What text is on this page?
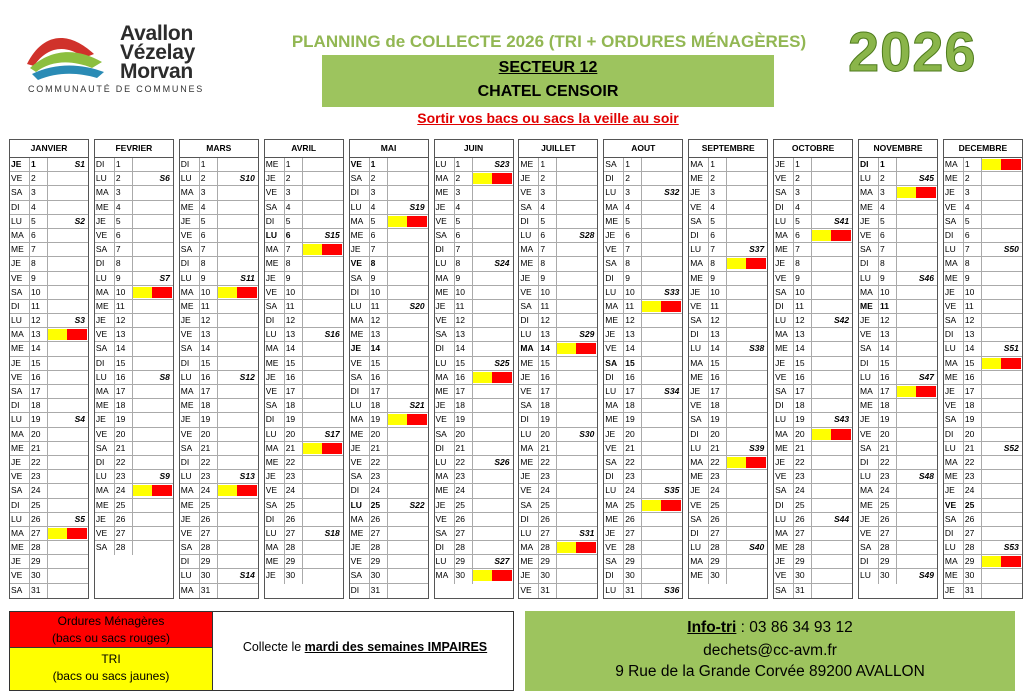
Avallon
Vézelay
Morvan
COMMUNAUTÉ DE COMMUNES
PLANNING de COLLECTE 2026 (TRI + ORDURES MÉNAGÈRES) 2026
SECTEUR 12
CHATEL CENSOIR
Sortir vos bacs ou sacs la veille au soir
JANVIER
JE	1	S1
VE	2
SA	3
DI	4
LU	5	S2
MA 6
ME 7
JE	8
VE	9
SA	10
DI	11
LU	12	S3
MA 13
ME 14
JE	15
VE	16
SA	17
DI	18
LU	19	S4
MA 20
ME 21
JE	22
VE	23
SA	24
DI	25
LU	26	S5
MA 27
ME 28
JE	29
VE	30
SA	31
FEVRIER
DI	1
LU	2	S6
MA 3
ME 4
JE	5
VE	6
SA	7
DI	8
LU	9	S7
MA 10
ME 11
JE	12
VE	13
SA	14
DI	15
LU	16	S8
MA 17
ME 18
JE	19
VE	20
SA	21
DI	22
LU	23	S9
MA 24
ME 25
JE	26
VE	27
SA	28
MARS
DI	1
LU	2	S10
MA 3
ME 4
JE	5
VE	6
SA	7
DI	8
LU	9	S11
MA 10
ME 11
JE	12
VE	13
SA	14
DI	15
LU	16	S12
MA 17
ME 18
JE	19
VE	20
SA	21
DI	22
LU	23	S13
MA 24
ME 25
JE	26
VE	27
SA	28
DI	29
LU	30	S14
MA 31
AVRIL
ME 1
JE	2
VE	3
SA	4
DI	5
LU	6	S15
MA 7
ME 8
JE	9
VE	10
SA	11
DI	12
LU	13	S16
MA 14
ME 15
JE	16
VE	17
SA	18
DI	19
LU	20	S17
MA 21
ME 22
JE	23
VE	24
SA	25
DI	26
LU	27	S18
MA 28
ME 29
JE	30
MAI
VE	1
SA	2
DI	3
LU	4	S19
MA 5
ME 6
JE	7
VE	8
SA	9
DI	10
LU	11	S20
MA 12
ME 13
JE	14
VE	15
SA	16
DI	17
LU	18	S21
MA 19
ME 20
JE	21
VE	22
SA	23
DI	24
LU	25	S22
MA 26
ME 27
JE	28
VE	29
SA	30
DI	31
JUIN
LU	1	S23
MA 2
ME 3
JE	4
VE	5
SA	6
DI	7
LU	8	S24
MA 9
ME 10
JE	11
VE	12
SA	13
DI	14
LU	15	S25
MA 16
ME 17
JE	18
VE	19
SA	20
DI	21
LU	22	S26
MA 23
ME 24
JE	25
VE	26
SA	27
DI	28
LU	29	S27
MA 30
JUILLET
ME 1
JE	2
VE	3
SA	4
DI	5
LU	6	S28
MA 7
ME 8
JE	9
VE	10
SA	11
DI	12
LU	13	S29
MA 14
ME 15
JE	16
VE	17
SA	18
DI	19
LU	20	S30
MA 21
ME 22
JE	23
VE	24
SA	25
DI	26
LU	27	S31
MA 28
ME 29
JE	30
VE	31
AOUT
SA	1
DI	2
LU	3	S32
MA 4
ME 5
JE	6
VE	7
SA	8
DI	9
LU	10	S33
MA 11
ME 12
JE	13
VE	14
SA 15
DI	16
LU	17	S34
MA 18
ME 19
JE	20
VE	21
SA	22
DI	23
LU	24	S35
MA 25
ME 26
JE	27
VE	28
SA	29
DI	30
LU	31	S36
SEPTEMBRE
MA 1
ME 2
JE	3
VE	4
SA	5
DI	6
LU	7	S37
MA 8
ME 9
JE	10
VE	11
SA	12
DI	13
LU	14	S38
MA 15
ME 16
JE	17
VE	18
SA	19
DI	20
LU	21	S39
MA 22
ME 23
JE	24
VE	25
SA	26
DI	27
LU	28	S40
MA 29
ME 30
OCTOBRE
JE	1
VE	2
SA	3
DI	4
LU	5	S41
MA 6
ME 7
JE	8
VE	9
SA	10
DI	11
LU	12	S42
MA 13
ME 14
JE	15
VE	16
SA	17
DI	18
LU	19	S43
MA 20
ME 21
JE	22
VE	23
SA	24
DI	25
LU	26	S44
MA 27
ME 28
JE	29
VE	30
SA	31
NOVEMBRE
DI	1
LU	2	S45
MA 3
ME 4
JE	5
VE	6
SA	7
DI	8
LU	9	S46
MA 10
ME 11
JE	12
VE	13
SA	14
DI	15
LU	16	S47
MA 17
ME 18
JE	19
VE	20
SA	21
DI	22
LU	23	S48
MA 24
ME 25
JE	26
VE	27
SA	28
DI	29
LU	30	S49
DECEMBRE
MA 1
ME 2
JE	3
VE	4
SA	5
DI	6
LU	7	S50
MA 8
ME 9
JE	10
VE	11
SA	12
DI	13
LU	14	S51
MA 15
ME 16
JE	17
VE	18
SA	19
DI	20
LU	21	S52
MA 22
ME 23
JE	24
VE	25
SA	26
DI	27
LU	28	S53
MA 29
ME 30
JE	31
Ordures Ménagères
(bacs ou sacs rouges)
TRI
(bacs ou sacs jaunes)
Collecte le mardi des semaines IMPAIRES
Info-tri : 03 86 34 93 12
dechets@cc-avm.fr
9 Rue de la Grande Corvée 89200 AVALLON
